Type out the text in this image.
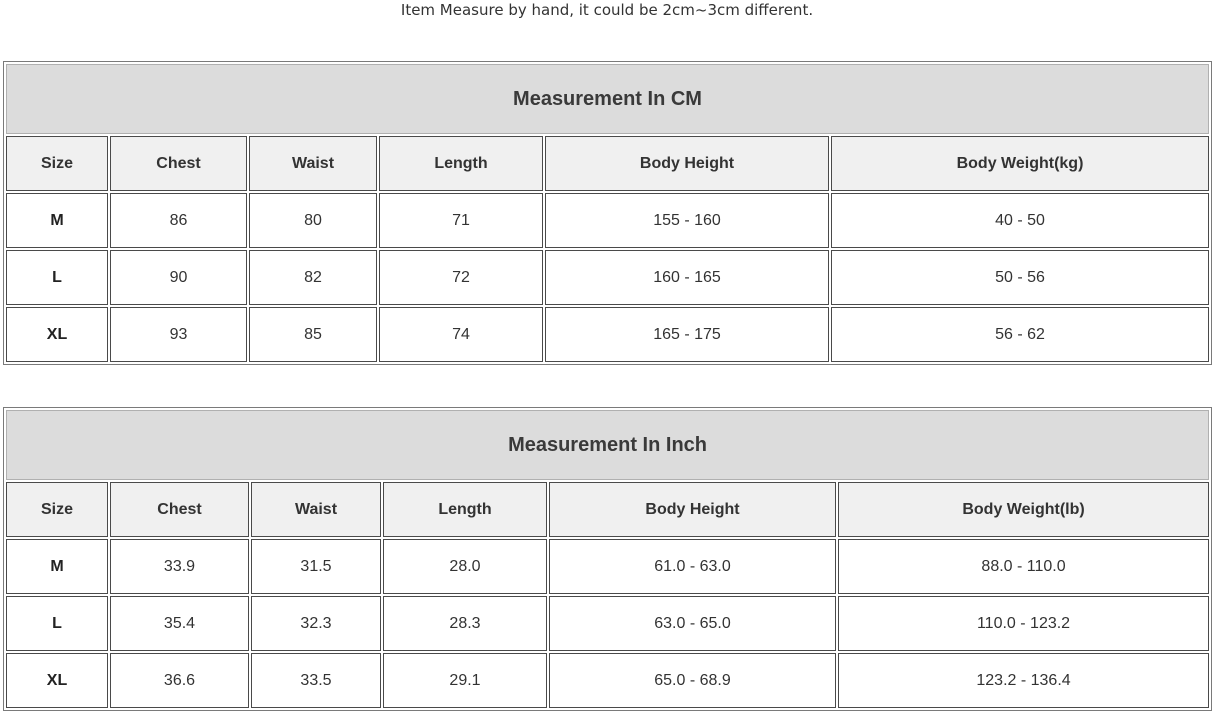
Item Measure by hand, it could be 2cm~3cm different.
Measurement In CM					
Size	Chest	Waist	Length	Body Height	Body Weight(kg)
M	86	80	71	155 - 160	40 - 50
L	90	82	72	160 - 165	50 - 56
XL	93	85	74	165 - 175	56 - 62
Measurement In Inch					
Size	Chest	Waist	Length	Body Height	Body Weight(lb)
M	33.9	31.5	28.0	61.0 - 63.0	88.0 - 110.0
L	35.4	32.3	28.3	63.0 - 65.0	110.0 - 123.2
XL	36.6	33.5	29.1	65.0 - 68.9	123.2 - 136.4
